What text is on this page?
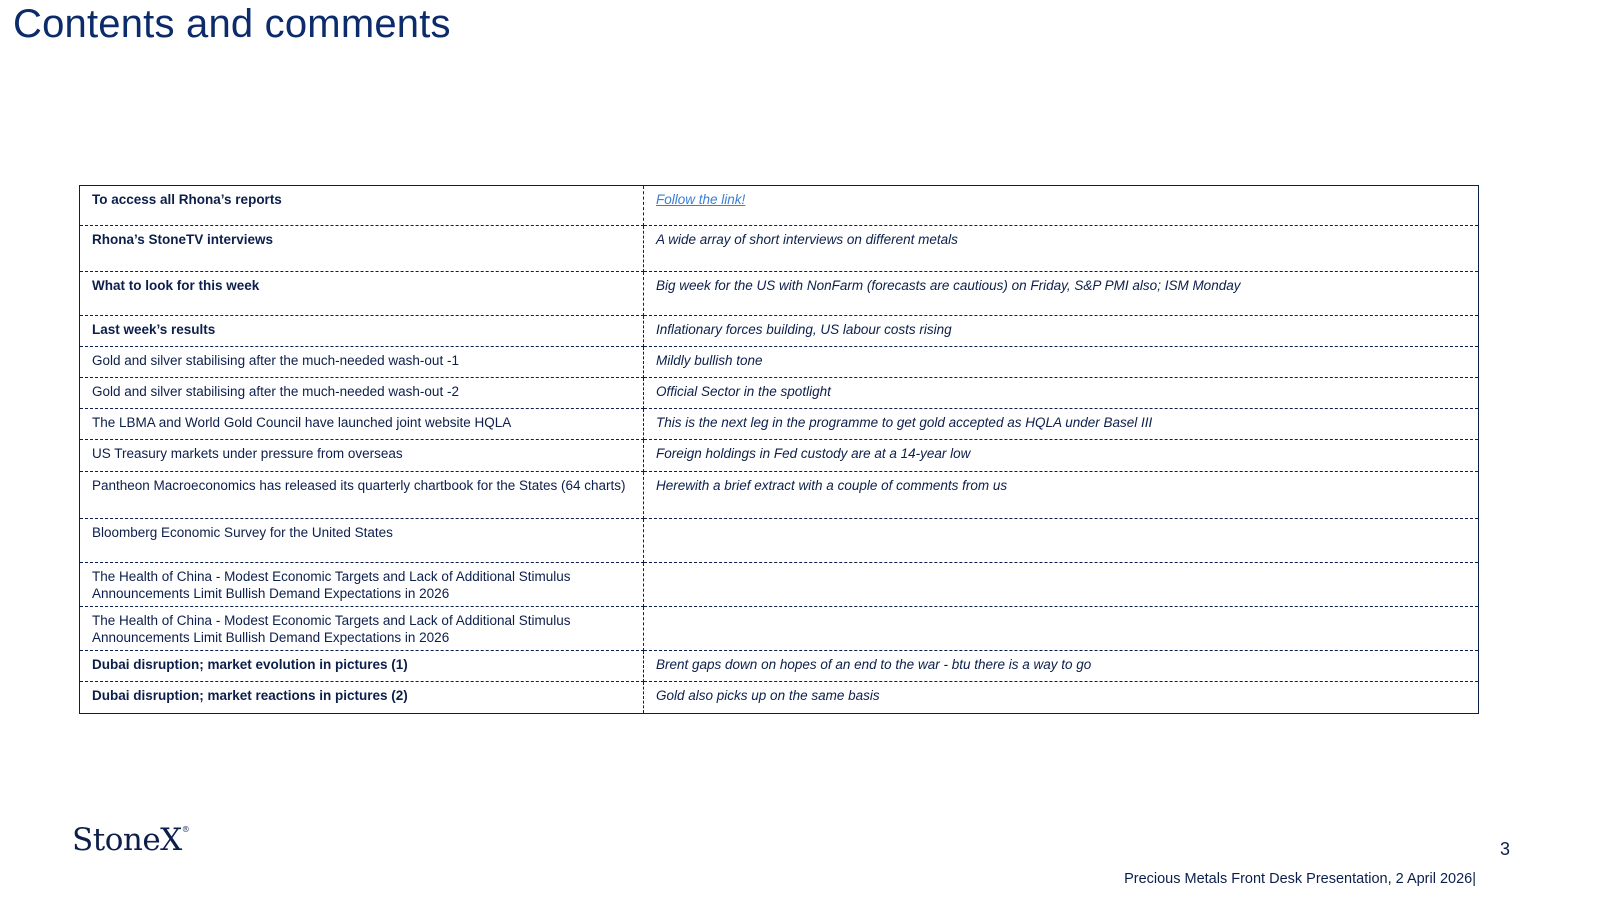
Contents and comments
To access all Rhona’s reports	Follow the link!
Rhona’s StoneTV interviews	A wide array of short interviews on different metals
What to look for this week	Big week for the US with NonFarm (forecasts are cautious) on Friday, S&P PMI also; ISM Monday
Last week’s results	Inflationary forces building, US labour costs rising
Gold and silver stabilising after the much-needed wash-out -1	Mildly bullish tone
Gold and silver stabilising after the much-needed wash-out -2	Official Sector in the spotlight
The LBMA and World Gold Council have launched joint website HQLA	This is the next leg in the programme to get gold accepted as HQLA under Basel III
US Treasury markets under pressure from overseas	Foreign holdings in Fed custody are at a 14-year low
Pantheon Macroeconomics has released its quarterly chartbook for the States (64 charts)	Herewith a brief extract with a couple of comments from us
Bloomberg Economic Survey for the United States	
The Health of China - Modest Economic Targets and Lack of Additional Stimulus Announcements Limit Bullish Demand Expectations in 2026	
The Health of China - Modest Economic Targets and Lack of Additional Stimulus Announcements Limit Bullish Demand Expectations in 2026	
Dubai disruption; market evolution in pictures (1)	Brent gaps down on hopes of an end to the war - btu there is a way to go
Dubai disruption; market reactions in pictures (2)	Gold also picks up on the same basis
StoneX®
3
Precious Metals Front Desk Presentation, 2 April 2026|
